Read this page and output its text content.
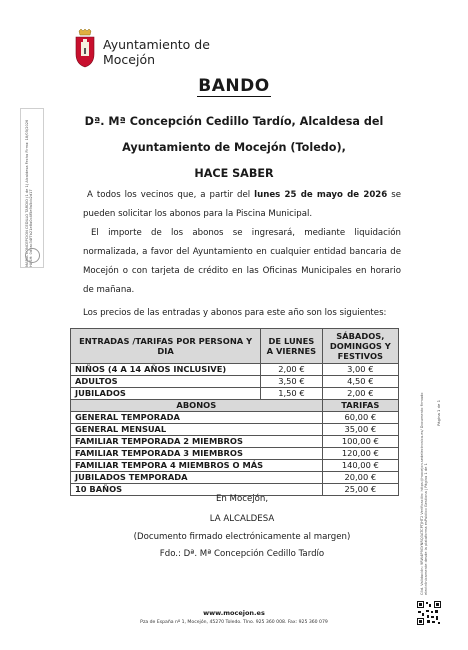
Ayuntamiento de
Mocejón
BANDO
Dª. Mª Concepción Cedillo Tardío, Alcaldesa del
Ayuntamiento de Mocejón (Toledo),
HACE SABER
A todos los vecinos que, a partir del lunes 25 de mayo de 2026 se pueden solicitar los abonos para la Piscina Municipal.
El importe de los abonos se ingresará, mediante liquidación normalizada, a favor del Ayuntamiento en cualquier entidad bancaria de Mocejón o con tarjeta de crédito en las Oficinas Municipales en horario de mañana.
Los precios de las entradas y abonos para este año son los siguientes:
MARIA CONCEPCION CEDILLO TARDIO (1 de 1) Alcaldesa Fecha Firma: 18/05/2026 HASH: 0d9ac34f7b21e8a0c4f5e9a5cb2d17
ENTRADAS /TARIFAS POR PERSONA Y DIA	DE LUNES A VIERNES	SÁBADOS, DOMINGOS Y FESTIVOS
NIÑOS (4 A 14 AÑOS INCLUSIVE)	2,00 €	3,00 €
ADULTOS	3,50 €	4,50 €
JUBILADOS	1,50 €	2,00 €
ABONOS		TARIFAS
GENERAL TEMPORADA		60,00 €
GENERAL MENSUAL		35,00 €
FAMILIAR TEMPORADA 2 MIEMBROS		100,00 €
FAMILIAR TEMPORADA 3 MIEMBROS		120,00 €
FAMILIAR TEMPORA 4 MIEMBROS O MÁS		140,00 €
JUBILADOS TEMPORADA		20,00 €
10 BAÑOS		25,00 €
En Mocejón,
LA ALCALDESA
(Documento firmado electrónicamente al margen)
Fdo.: Dª. Mª Concepción Cedillo Tardío
www.mocejon.es
Pza de España nº 1, Mocejón, 45270 Toledo. Tlno. 925 360 008. Fax: 925 360 079
Cód. Validación: 9RW4P9GYNRQ3ATCPTJHT2 Verificación: https://mocejon.sedelectronica.es/ Documento firmado electrónicamente desde la plataforma esPublico Gestiona | Página 1 de 1
Página 1 de 1
